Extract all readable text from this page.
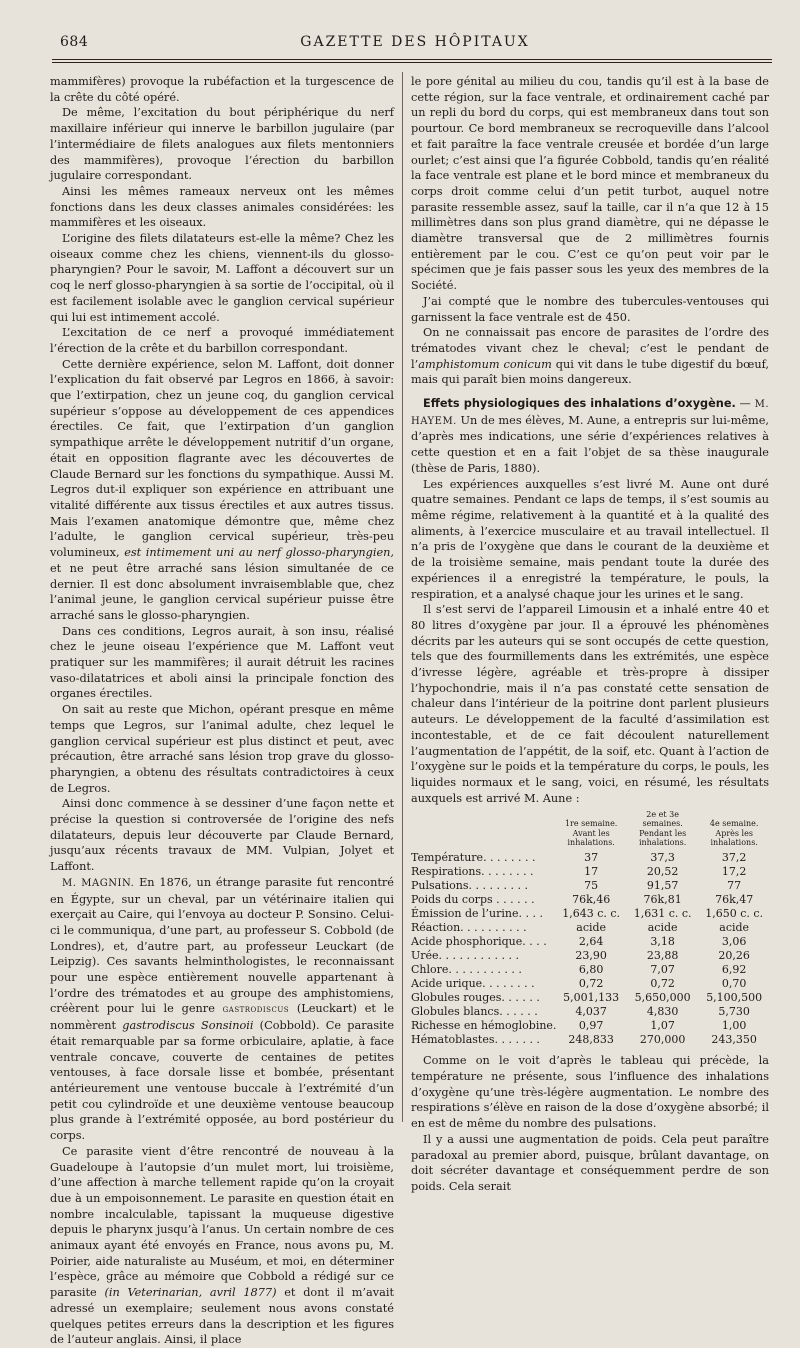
684	GAZETTE DES HÔPITAUX

mammifères) provoque la rubéfaction et la turgescence de la crête du côté opéré.

De même, l’excitation du bout périphérique du nerf maxillaire inférieur qui innerve le barbillon jugulaire (par l’intermédiaire de filets analogues aux filets mentonniers des mammifères), provoque l’érection du barbillon jugulaire correspondant.

Ainsi les mêmes rameaux nerveux ont les mêmes fonctions dans les deux classes animales considérées: les mammifères et les oiseaux.

L’origine des filets dilatateurs est-elle la même? Chez les oiseaux comme chez les chiens, viennent-ils du glosso-pharyngien? Pour le savoir, M. Laffont a découvert sur un coq le nerf glosso-pharyngien à sa sortie de l’occipital, où il est facilement isolable avec le ganglion cervical supérieur qui lui est intimement accolé.

L’excitation de ce nerf a provoqué immédiatement l’érection de la crête et du barbillon correspondant.

Cette dernière expérience, selon M. Laffont, doit donner l’explication du fait observé par Legros en 1866, à savoir: que l’extirpation, chez un jeune coq, du ganglion cervical supérieur s’oppose au développement de ces appendices érectiles. Ce fait, que l’extirpation d’un ganglion sympathique arrête le développement nutritif d’un organe, était en opposition flagrante avec les découvertes de Claude Bernard sur les fonctions du sympathique. Aussi M. Legros dut-il expliquer son expérience en attribuant une vitalité différente aux tissus érectiles et aux autres tissus. Mais l’examen anatomique démontre que, même chez l’adulte, le ganglion cervical supérieur, très-peu volumineux, est intimement uni au nerf glosso-pharyngien, et ne peut être arraché sans lésion simultanée de ce dernier. Il est donc absolument invraisemblable que, chez l’animal jeune, le ganglion cervical supérieur puisse être arraché sans le glosso-pharyngien.

Dans ces conditions, Legros aurait, à son insu, réalisé chez le jeune oiseau l’expérience que M. Laffont veut pratiquer sur les mammifères; il aurait détruit les racines vaso-dilatatrices et aboli ainsi la principale fonction des organes érectiles.

On sait au reste que Michon, opérant presque en même temps que Legros, sur l’animal adulte, chez lequel le ganglion cervical supérieur est plus distinct et peut, avec précaution, être arraché sans lésion trop grave du glosso-pharyngien, a obtenu des résultats contradictoires à ceux de Legros.

Ainsi donc commence à se dessiner d’une façon nette et précise la question si controversée de l’origine des nefs dilatateurs, depuis leur découverte par Claude Bernard, jusqu’aux récents travaux de MM. Vulpian, Jolyet et Laffont.

M. MAGNIN. En 1876, un étrange parasite fut rencontré en Égypte, sur un cheval, par un vétérinaire italien qui exerçait au Caire, qui l’envoya au docteur P. Sonsino. Celui-ci le communiqua, d’une part, au professeur S. Cobbold (de Londres), et, d’autre part, au professeur Leuckart (de Leipzig). Ces savants helminthologistes, le reconnaissant pour une espèce entièrement nouvelle appartenant à l’ordre des trématodes et au groupe des amphistomiens, créèrent pour lui le genre gastrodiscus (Leuckart) et le nommèrent gastrodiscus Sonsinoii (Cobbold). Ce parasite était remarquable par sa forme orbiculaire, aplatie, à face ventrale concave, couverte de centaines de petites ventouses, à face dorsale lisse et bombée, présentant antérieurement une ventouse buccale à l’extrémité d’un petit cou cylindroïde et une deuxième ventouse beaucoup plus grande à l’extrémité opposée, au bord postérieur du corps.

Ce parasite vient d’être rencontré de nouveau à la Guadeloupe à l’autopsie d’un mulet mort, lui troisième, d’une affection à marche tellement rapide qu’on la croyait due à un empoisonnement. Le parasite en question était en nombre incalculable, tapissant la muqueuse digestive depuis le pharynx jusqu’à l’anus. Un certain nombre de ces animaux ayant été envoyés en France, nous avons pu, M. Poirier, aide naturaliste au Muséum, et moi, en déterminer l’espèce, grâce au mémoire que Cobbold a rédigé sur ce parasite (in Veterinarian, avril 1877) et dont il m’avait adressé un exemplaire; seulement nous avons constaté quelques petites erreurs dans la description et les figures de l’auteur anglais. Ainsi, il place

le pore génital au milieu du cou, tandis qu’il est à la base de cette région, sur la face ventrale, et ordinairement caché par un repli du bord du corps, qui est membraneux dans tout son pourtour. Ce bord membraneux se recroqueville dans l’alcool et fait paraître la face ventrale creusée et bordée d’un large ourlet; c’est ainsi que l’a figurée Cobbold, tandis qu’en réalité la face ventrale est plane et le bord mince et membraneux du corps droit comme celui d’un petit turbot, auquel notre parasite ressemble assez, sauf la taille, car il n’a que 12 à 15 millimètres dans son plus grand diamètre, qui ne dépasse le diamètre transversal que de 2 millimètres fournis entièrement par le cou. C’est ce qu’on peut voir par le spécimen que je fais passer sous les yeux des membres de la Société.

J’ai compté que le nombre des tubercules-ventouses qui garnissent la face ventrale est de 450.

On ne connaissait pas encore de parasites de l’ordre des trématodes vivant chez le cheval; c’est le pendant de l’amphistomum conicum qui vit dans le tube digestif du bœuf, mais qui paraît bien moins dangereux.

Effets physiologiques des inhalations d’oxygène. — M. HAYEM. Un de mes élèves, M. Aune, a entrepris sur lui-même, d’après mes indications, une série d’expériences relatives à cette question et en a fait l’objet de sa thèse inaugurale (thèse de Paris, 1880).

Les expériences auxquelles s’est livré M. Aune ont duré quatre semaines. Pendant ce laps de temps, il s’est soumis au même régime, relativement à la quantité et à la qualité des aliments, à l’exercice musculaire et au travail intellectuel. Il n’a pris de l’oxygène que dans le courant de la deuxième et de la troisième semaine, mais pendant toute la durée des expériences il a enregistré la température, le pouls, la respiration, et a analysé chaque jour les urines et le sang.

Il s’est servi de l’appareil Limousin et a inhalé entre 40 et 80 litres d’oxygène par jour. Il a éprouvé les phénomènes décrits par les auteurs qui se sont occupés de cette question, tels que des fourmillements dans les extrémités, une espèce d’ivresse légère, agréable et très-propre à dissiper l’hypochondrie, mais il n’a pas constaté cette sensation de chaleur dans l’intérieur de la poitrine dont parlent plusieurs auteurs. Le développement de la faculté d’assimilation est incontestable, et de ce fait découlent naturellement l’augmentation de l’appétit, de la soif, etc. Quant à l’action de l’oxygène sur le poids et la température du corps, le pouls, les liquides normaux et le sang, voici, en résumé, les résultats auxquels est arrivé M. Aune :

	1re semaine.	2e et 3e semaines.	4e semaine.
	Avant les inhalations.	Pendant les inhalations.	Après les inhalations.
Température. . . . . . . .	37	37,3	37,2
Respirations. . . . . . . .	17	20,52	17,2
Pulsations. . . . . . . . .	75	91,57	77
Poids du corps . . . . . .	76k,46	76k,81	76k,47
Émission de l’urine. . . .	1,643 c. c.	1,631 c. c.	1,650 c. c.
Réaction. . . . . . . . . .	acide	acide	acide
Acide phosphorique. . . .	2,64	3,18	3,06
Urée. . . . . . . . . . . .	23,90	23,88	20,26
Chlore. . . . . . . . . . .	6,80	7,07	6,92
Acide urique. . . . . . . .	0,72	0,72	0,70
Globules rouges. . . . . .	5,001,133	5,650,000	5,100,500
Globules blancs. . . . . .	4,037	4,830	5,730
Richesse en hémoglobine.	0,97	1,07	1,00
Hématoblastes. . . . . . .	248,833	270,000	243,350

Comme on le voit d’après le tableau qui précède, la température ne présente, sous l’influence des inhalations d’oxygène qu’une très-légère augmentation. Le nombre des respirations s’élève en raison de la dose d’oxygène absorbé; il en est de même du nombre des pulsations.

Il y a aussi une augmentation de poids. Cela peut paraître paradoxal au premier abord, puisque, brûlant davantage, on doit sécréter davantage et conséquemment perdre de son poids. Cela serait
